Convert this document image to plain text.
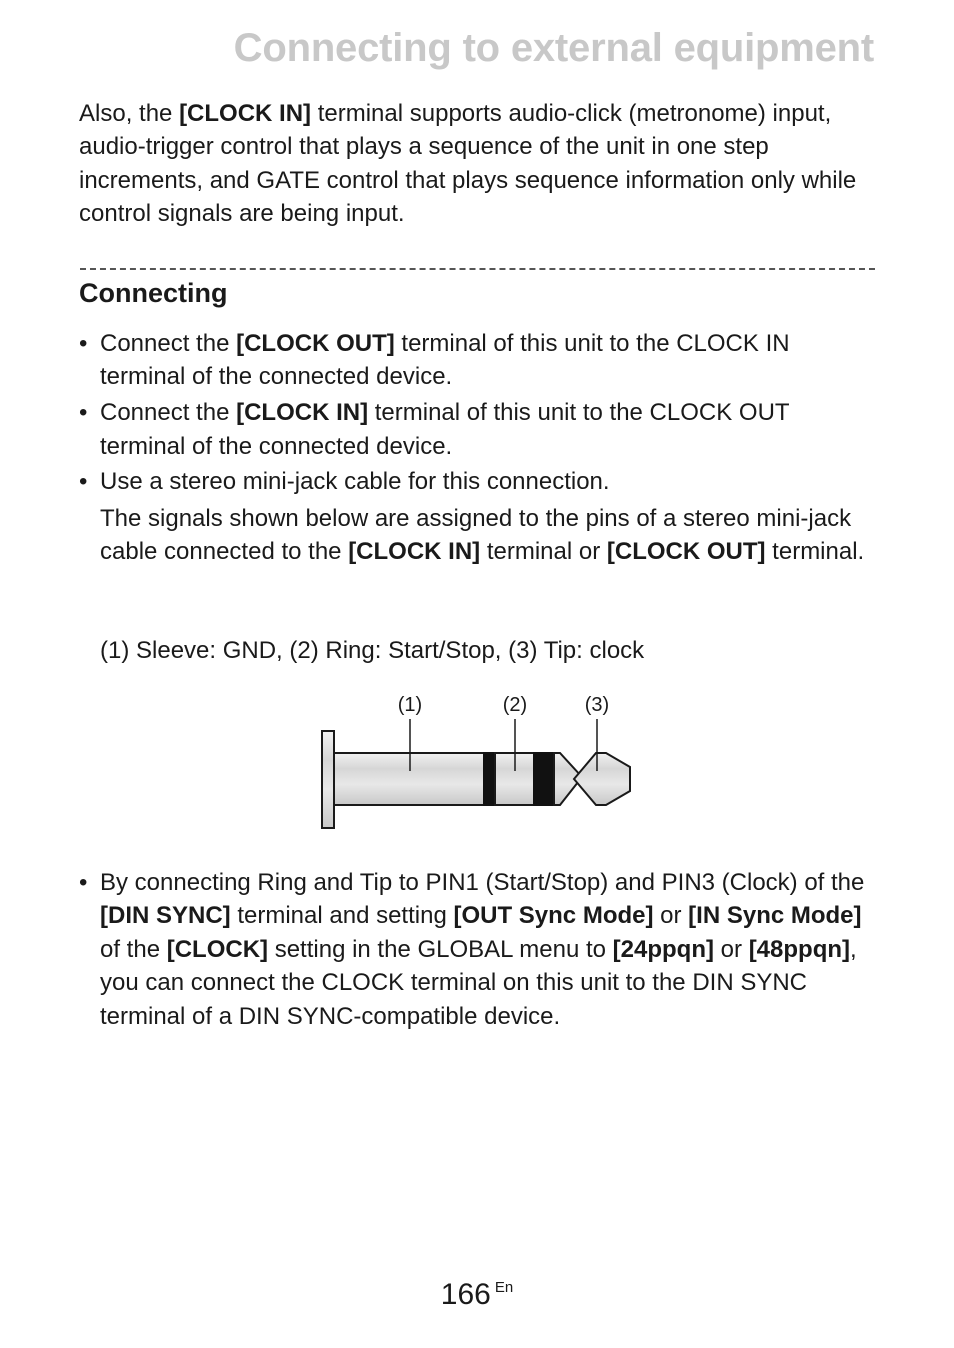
Connecting to external equipment

Also, the [CLOCK IN] terminal supports audio-click (metronome) input, audio-trigger control that plays a sequence of the unit in one step increments, and GATE control that plays sequence information only while control signals are being input.

Connecting
• Connect the [CLOCK OUT] terminal of this unit to the CLOCK IN terminal of the connected device.
• Connect the [CLOCK IN] terminal of this unit to the CLOCK OUT terminal of the connected device.
• Use a stereo mini-jack cable for this connection.

The signals shown below are assigned to the pins of a stereo mini-jack cable connected to the [CLOCK IN] terminal or [CLOCK OUT] terminal.

(1) Sleeve: GND, (2) Ring: Start/Stop, (3) Tip: clock

(1)	(2)	(3)
• By connecting Ring and Tip to PIN1 (Start/Stop) and PIN3 (Clock) of the [DIN SYNC] terminal and setting [OUT Sync Mode] or [IN Sync Mode] of the [CLOCK] setting in the GLOBAL menu to [24ppqn] or [48ppqn], you can connect the CLOCK terminal on this unit to the DIN SYNC terminal of a DIN SYNC-compatible device.
166 $^{En}$
